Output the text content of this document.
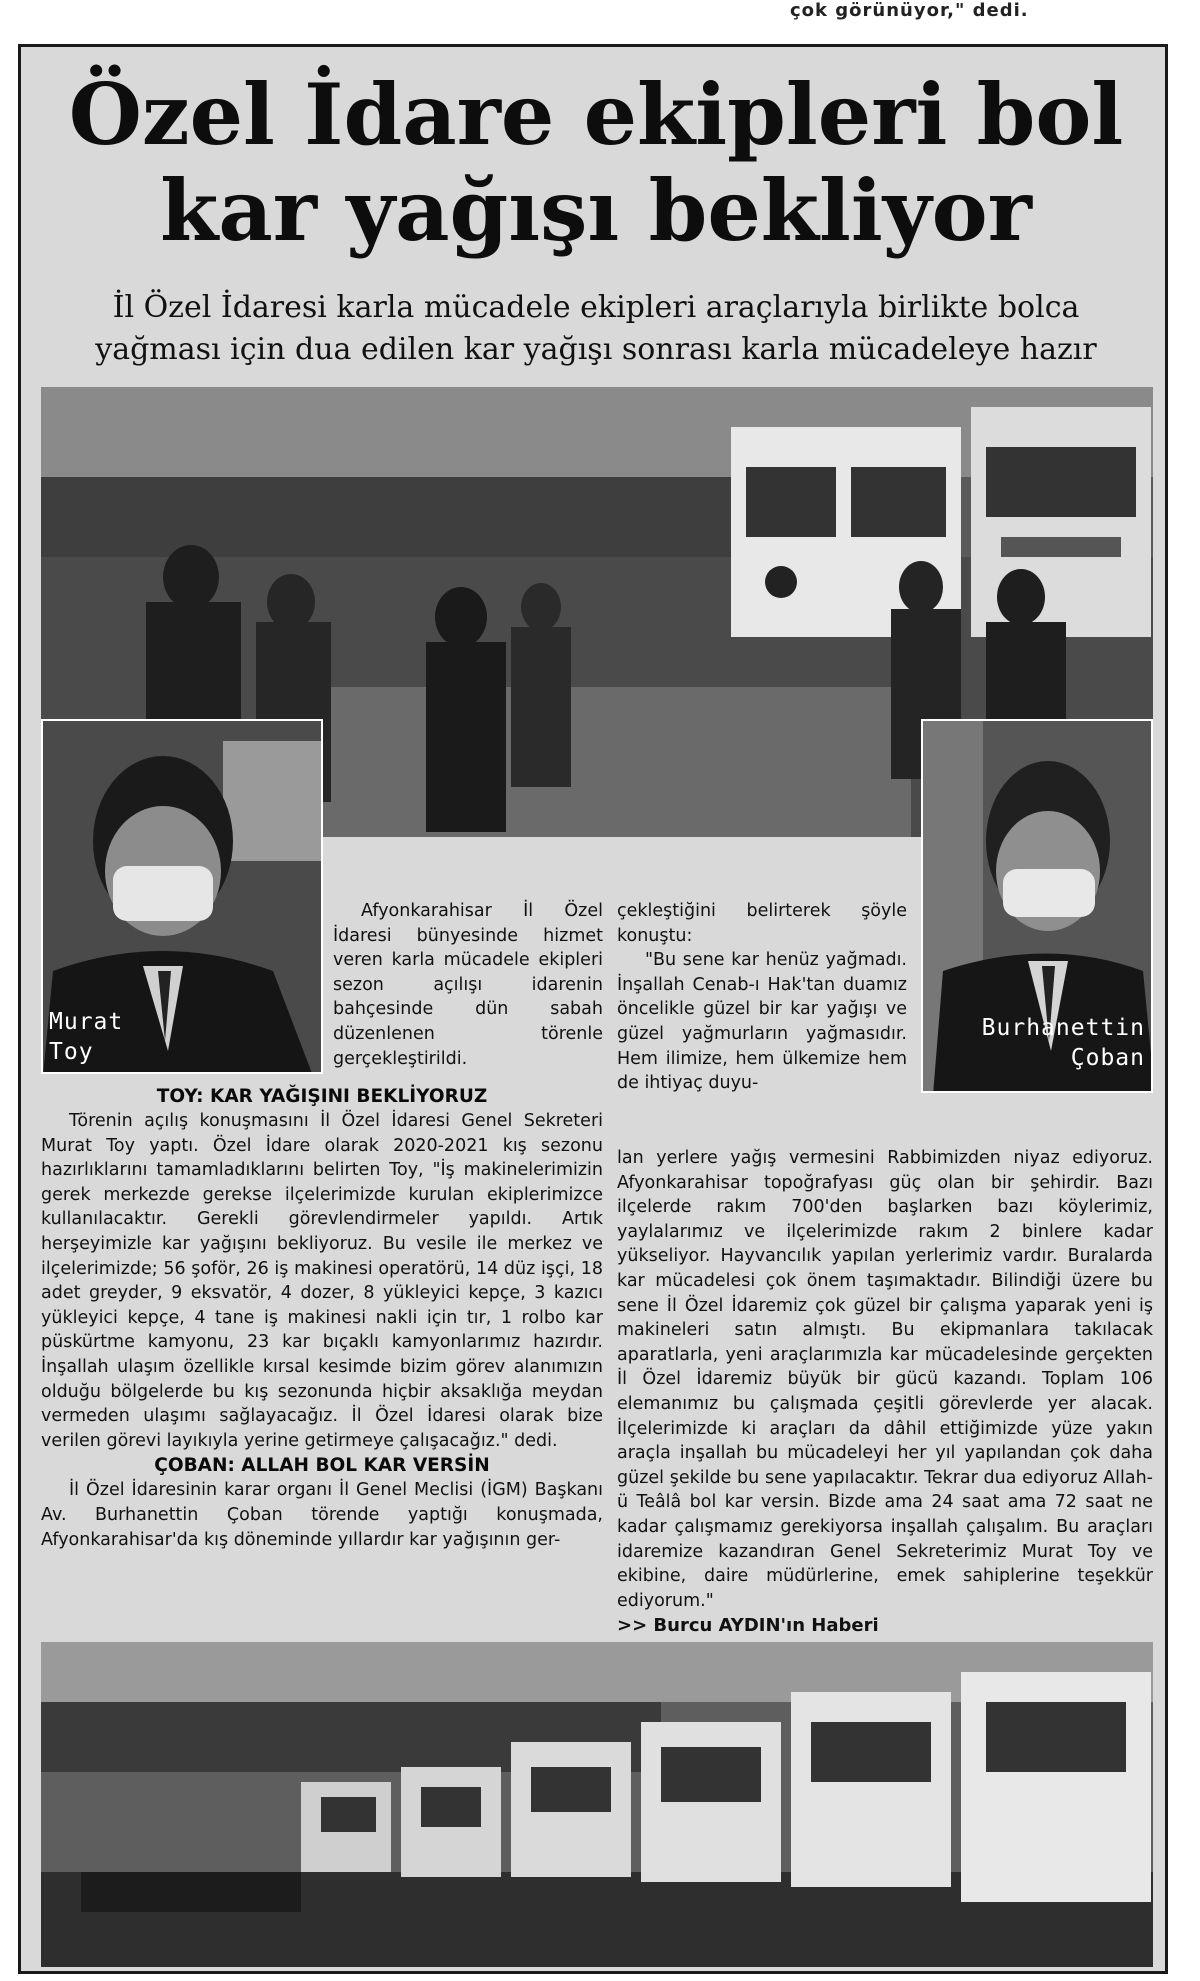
çok görünüyor," dedi.
Özel İdare ekipleri bol
kar yağışı bekliyor
İl Özel İdaresi karla mücadele ekipleri araçlarıyla birlikte bolca yağması için dua edilen kar yağışı sonrası karla mücadeleye hazır
Murat
Toy
Burhanettin
Çoban

Afyonkarahisar İl Özel İdaresi bünyesinde hizmet veren karla mücadele ekipleri sezon açılışı idarenin bahçesinde dün sabah düzenlenen törenle gerçekleştirildi.

TOY: KAR YAĞIŞINI BEKLİYORUZ

Törenin açılış konuşmasını İl Özel İdaresi Genel Sekreteri Murat Toy yaptı. Özel İdare olarak 2020-2021 kış sezonu hazırlıklarını tamamladıklarını belirten Toy, "İş makinelerimizin gerek merkezde gerekse ilçelerimizde kurulan ekiplerimizce kullanılacaktır. Gerekli görevlendirmeler yapıldı. Artık herşeyimizle kar yağışını bekliyoruz. Bu vesile ile merkez ve ilçelerimizde; 56 şoför, 26 iş makinesi operatörü, 14 düz işçi, 18 adet greyder, 9 eksvatör, 4 dozer, 8 yükleyici kepçe, 3 kazıcı yükleyici kepçe, 4 tane iş makinesi nakli için tır, 1 rolbo kar püskürtme kamyonu, 23 kar bıçaklı kamyonlarımız hazırdır. İnşallah ulaşım özellikle kırsal kesimde bizim görev alanımızın olduğu bölgelerde bu kış sezonunda hiçbir aksaklığa meydan vermeden ulaşımı sağlayacağız. İl Özel İdaresi olarak bize verilen görevi layıkıyla yerine getirmeye çalışacağız." dedi.

ÇOBAN: ALLAH BOL KAR VERSİN

İl Özel İdaresinin karar organı İl Genel Meclisi (İGM) Başkanı Av. Burhanettin Çoban törende yaptığı konuşmada, Afyonkarahisar'da kış döneminde yıllardır kar yağışının ger-

çekleştiğini belirterek şöyle konuştu:

"Bu sene kar henüz yağmadı. İnşallah Cenab-ı Hak'tan duamız öncelikle güzel bir kar yağışı ve güzel yağmurların yağmasıdır. Hem ilimize, hem ülkemize hem de ihtiyaç duyu-

lan yerlere yağış vermesini Rabbimizden niyaz ediyoruz. Afyonkarahisar topoğrafyası güç olan bir şehirdir. Bazı ilçelerde rakım 700'den başlarken bazı köylerimiz, yaylalarımız ve ilçelerimizde rakım 2 binlere kadar yükseliyor. Hayvancılık yapılan yerlerimiz vardır. Buralarda kar mücadelesi çok önem taşımaktadır. Bilindiği üzere bu sene İl Özel İdaremiz çok güzel bir çalışma yaparak yeni iş makineleri satın almıştı. Bu ekipmanlara takılacak aparatlarla, yeni araçlarımızla kar mücadelesinde gerçekten İl Özel İdaremiz büyük bir gücü kazandı. Toplam 106 elemanımız bu çalışmada çeşitli görevlerde yer alacak. İlçelerimizde ki araçları da dâhil ettiğimizde yüze yakın araçla inşallah bu mücadeleyi her yıl yapılandan çok daha güzel şekilde bu sene yapılacaktır. Tekrar dua ediyoruz Allah-ü Teâlâ bol kar versin. Bizde ama 24 saat ama 72 saat ne kadar çalışmamız gerekiyorsa inşallah çalışalım. Bu araçları idaremize kazandıran Genel Sekreterimiz Murat Toy ve ekibine, daire müdürlerine, emek sahiplerine teşekkür ediyorum."
>> Burcu AYDIN'ın Haberi
